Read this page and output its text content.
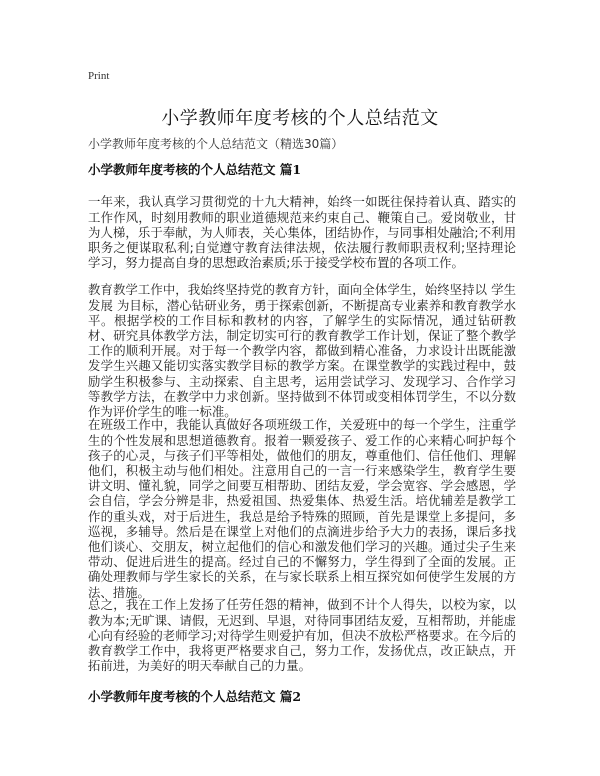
Print
小学教师年度考核的个人总结范文
小学教师年度考核的个人总结范文（精选30篇）
小学教师年度考核的个人总结范文 篇1

一年来，我认真学习贯彻党的十九大精神，始终一如既往保持着认真、踏实的工作作风，时刻用教师的职业道德规范来约束自己、鞭策自己。爱岗敬业，甘为人梯，乐于奉献，为人师表，关心集体，团结协作，与同事相处融洽;不利用职务之便谋取私利;自觉遵守教育法律法规，依法履行教师职责权利;坚持理论学习，努力提高自身的思想政治素质;乐于接受学校布置的各项工作。

教育教学工作中，我始终坚持党的教育方针，面向全体学生，始终坚持以 学生发展 为目标，潜心钻研业务，勇于探索创新，不断提高专业素养和教育教学水平。根据学校的工作目标和教材的内容，了解学生的实际情况，通过钻研教材、研究具体教学方法，制定切实可行的教育教学工作计划，保证了整个教学工作的顺利开展。对于每一个教学内容，都做到精心准备，力求设计出既能激发学生兴趣又能切实落实教学目标的教学方案。在课堂教学的实践过程中，鼓励学生积极参与、主动探索、自主思考，运用尝试学习、发现学习、合作学习等教学方法，在教学中力求创新。坚持做到不体罚或变相体罚学生，不以分数作为评价学生的唯一标准。

在班级工作中，我能认真做好各项班级工作，关爱班中的每一个学生，注重学生的个性发展和思想道德教育。报着一颗爱孩子、爱工作的心来精心呵护每个孩子的心灵，与孩子们平等相处，做他们的朋友，尊重他们、信任他们、理解他们，积极主动与他们相处。注意用自己的一言一行来感染学生，教育学生要讲文明、懂礼貌，同学之间要互相帮助、团结友爱，学会宽容、学会感恩，学会自信，学会分辨是非，热爱祖国、热爱集体、热爱生活。培优辅差是教学工作的重头戏，对于后进生，我总是给予特殊的照顾，首先是课堂上多提问，多巡视，多辅导。然后是在课堂上对他们的点滴进步给予大力的表扬，课后多找他们谈心、交朋友，树立起他们的信心和激发他们学习的兴趣。通过尖子生来带动、促进后进生的提高。经过自己的不懈努力，学生得到了全面的发展。正确处理教师与学生家长的关系，在与家长联系上相互探究如何使学生发展的方法、措施。

总之，我在工作上发扬了任劳任怨的精神，做到不计个人得失，以校为家，以教为本;无旷课、请假，无迟到、早退，对待同事团结友爱，互相帮助，并能虚心向有经验的老师学习;对待学生则爱护有加，但决不放松严格要求。在今后的教育教学工作中，我将更严格要求自己，努力工作，发扬优点，改正缺点，开拓前进，为美好的明天奉献自己的力量。

小学教师年度考核的个人总结范文 篇2
